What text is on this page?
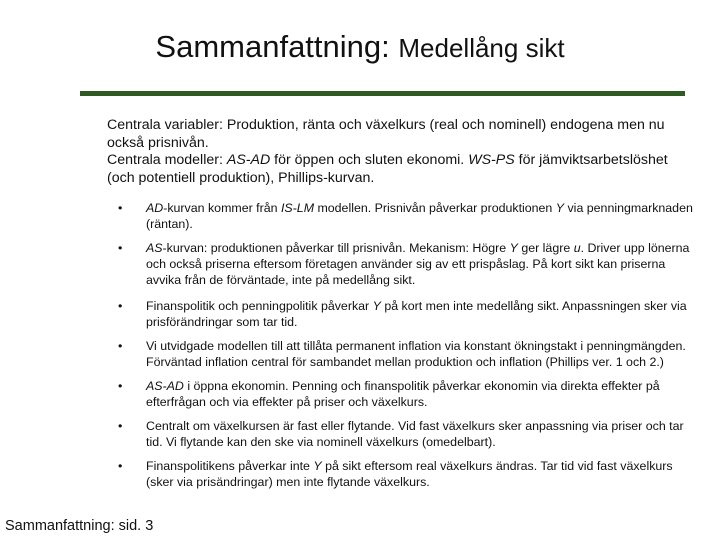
Sammanfattning: Medellång sikt

Centrala variabler: Produktion, ränta och växelkurs (real och nominell) endogena men nu också prisnivån.

Centrala modeller: AS-AD för öppen och sluten ekonomi. WS-PS för jämviktsarbetslöshet (och potentiell produktion), Phillips-kurvan.

• AD-kurvan kommer från IS-LM modellen. Prisnivån påverkar produktionen Y via penningmarknaden (räntan).
• AS-kurvan: produktionen påverkar till prisnivån. Mekanism: Högre Y ger lägre u. Driver upp lönerna och också priserna eftersom företagen använder sig av ett prispåslag. På kort sikt kan priserna avvika från de förväntade, inte på medellång sikt.
• Finanspolitik och penningpolitik påverkar Y på kort men inte medellång sikt. Anpassningen sker via prisförändringar som tar tid.
• Vi utvidgade modellen till att tillåta permanent inflation via konstant ökningstakt i penningmängden. Förväntad inflation central för sambandet mellan produktion och inflation (Phillips ver. 1 och 2.)
• AS-AD i öppna ekonomin. Penning och finanspolitik påverkar ekonomin via direkta effekter på efterfrågan och via effekter på priser och växelkurs.
• Centralt om växelkursen är fast eller flytande. Vid fast växelkurs sker anpassning via priser och tar tid. Vi flytande kan den ske via nominell växelkurs (omedelbart).
• Finanspolitikens påverkar inte Y på sikt eftersom real växelkurs ändras. Tar tid vid fast växelkurs (sker via prisändringar) men inte flytande växelkurs.
Sammanfattning: sid. 3
